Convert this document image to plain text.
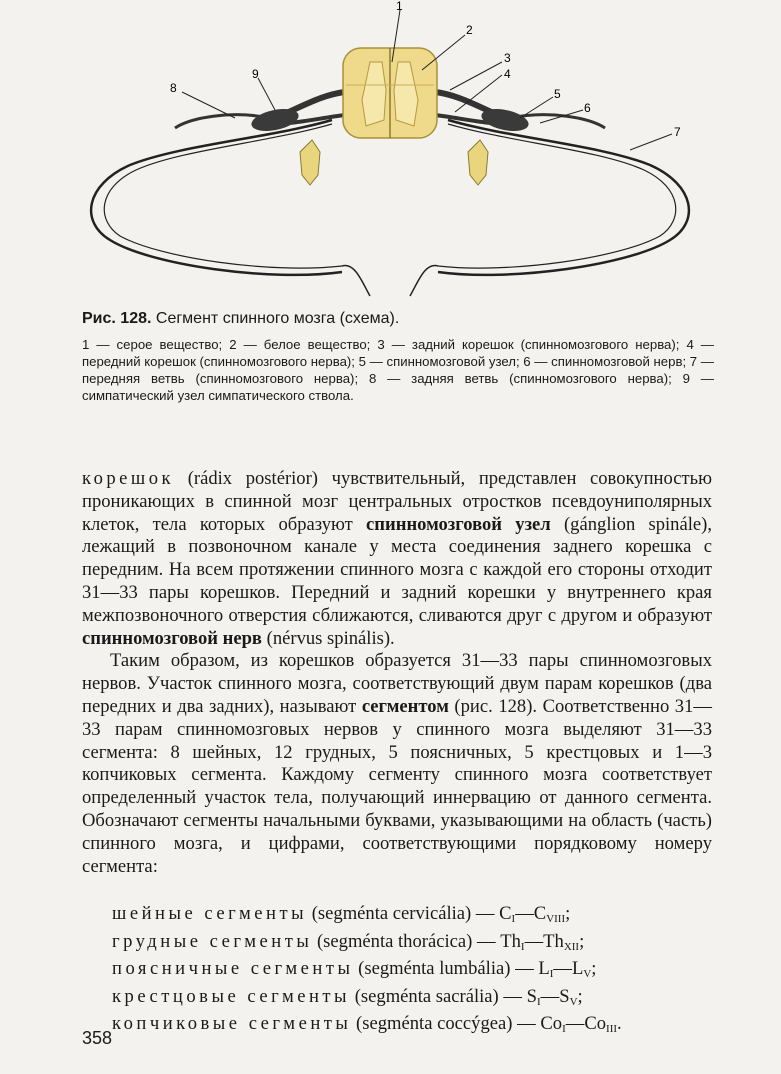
1
2
3
4
5
6
7
8
9

Рис. 128. Сегмент спинного мозга (схема).

1 — серое вещество; 2 — белое вещество; 3 — задний корешок (спинномозгового нерва); 4 — передний корешок (спинномозгового нерва); 5 — спинномозговой узел; 6 — спинномозговой нерв; 7 — передняя ветвь (спинномозгового нерва); 8 — задняя ветвь (спинномозгового нерва); 9 — симпатический узел симпатического ствола.

корешок (rádix postérior) чувствительный, представлен совокупностью проникающих в спинной мозг центральных отростков псевдоуниполярных клеток, тела которых образуют спинномозговой узел (gánglion spinále), лежащий в позвоночном канале у места соединения заднего корешка с передним. На всем протяжении спинного мозга с каждой его стороны отходит 31—33 пары корешков. Передний и задний корешки у внутреннего края межпозвоночного отверстия сближаются, сливаются друг с другом и образуют спинномозговой нерв (nérvus spinális).

Таким образом, из корешков образуется 31—33 пары спинномозговых нервов. Участок спинного мозга, соответствующий двум парам корешков (два передних и два задних), называют сегментом (рис. 128). Соответственно 31—33 парам спинномозговых нервов у спинного мозга выделяют 31—33 сегмента: 8 шейных, 12 грудных, 5 поясничных, 5 крестцовых и 1—3 копчиковых сегмента. Каждому сегменту спинного мозга соответствует определенный участок тела, получающий иннервацию от данного сегмента. Обозначают сегменты начальными буквами, указывающими на область (часть) спинного мозга, и цифрами, соответствующими порядковому номеру сегмента:

шейные сегменты (segménta cervicália) — $C_I—C_{VIII}$;
грудные сегменты (segménta thorácica) — $Th_I—Th_{XII}$;
поясничные сегменты (segménta lumbália) — $L_I—L_V$;
крестцовые сегменты (segménta sacrália) — $S_I—S_V$;
копчиковые сегменты (segménta coccýgea) — $Co_I—Co_{III}$.
358
